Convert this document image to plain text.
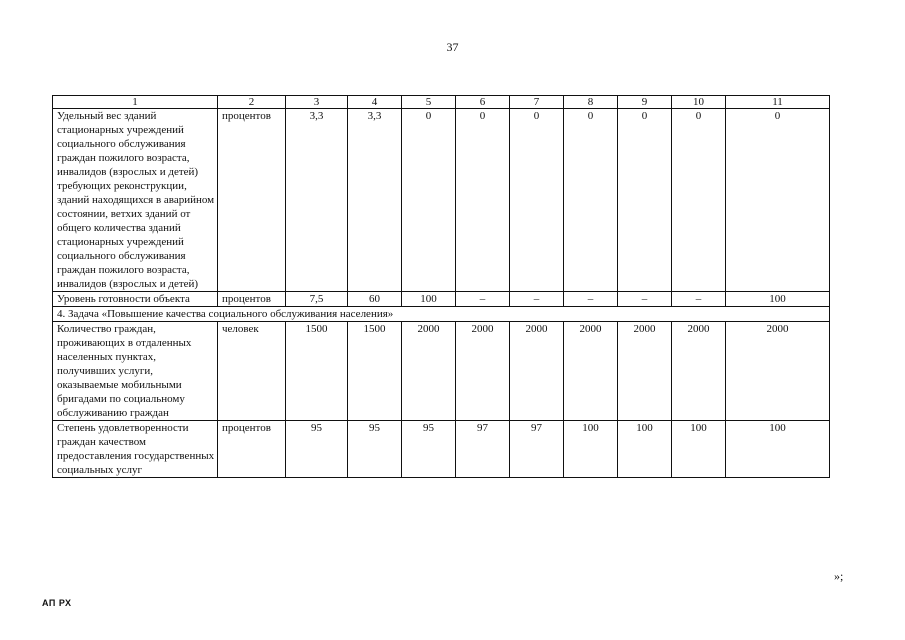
37
1	2	3	4	5	6	7	8	9	10	11
Удельный вес зданий стационарных учреждений социального обслуживания граждан пожилого возраста, инвалидов (взрослых и детей) требующих реконструкции, зданий находящихся в аварийном состоянии, ветхих зданий от общего количества зданий стационарных учреждений социального обслуживания граждан пожилого возраста, инвалидов (взрослых и детей)	процентов	3,3	3,3	0	0	0	0	0	0	0
Уровень готовности объекта	процентов	7,5	60	100	–	–	–	–	–	100
4. Задача «Повышение качества социального обслуживания населения»										
Количество граждан, проживающих в отдаленных населенных пунктах, получивших услуги, оказываемые мобильными бригадами по социальному обслуживанию граждан	человек	1500	1500	2000	2000	2000	2000	2000	2000	2000
Степень удовлетворенности граждан качеством предоставления государственных социальных услуг	процентов	95	95	95	97	97	100	100	100	100
»;
АП РХ
